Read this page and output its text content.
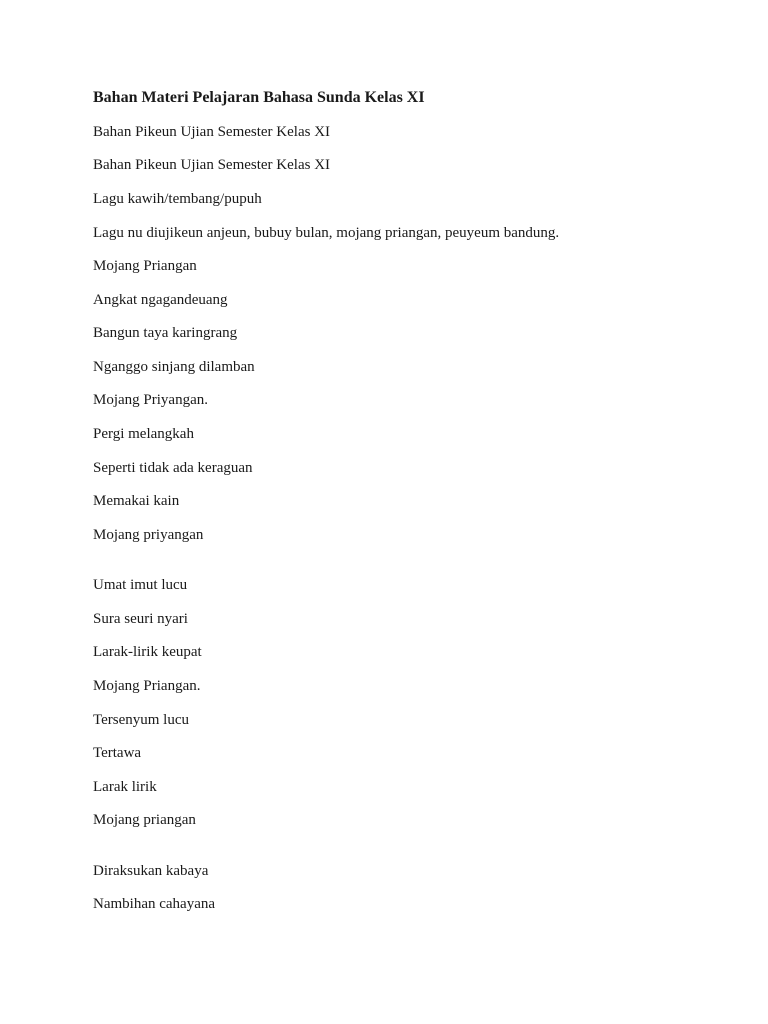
Bahan Materi Pelajaran Bahasa Sunda Kelas XI
Bahan Pikeun Ujian Semester Kelas XI
Bahan Pikeun Ujian Semester Kelas XI
Lagu kawih/tembang/pupuh
Lagu nu diujikeun anjeun, bubuy bulan, mojang priangan, peuyeum bandung.
Mojang Priangan
Angkat ngagandeuang
Bangun taya karingrang
Nganggo sinjang dilamban
Mojang Priyangan.
Pergi melangkah
Seperti tidak ada keraguan
Memakai kain
Mojang priyangan
Umat imut lucu
Sura seuri nyari
Larak-lirik keupat
Mojang Priangan.
Tersenyum lucu
Tertawa
Larak lirik
Mojang priangan
Diraksukan kabaya
Nambihan cahayana
